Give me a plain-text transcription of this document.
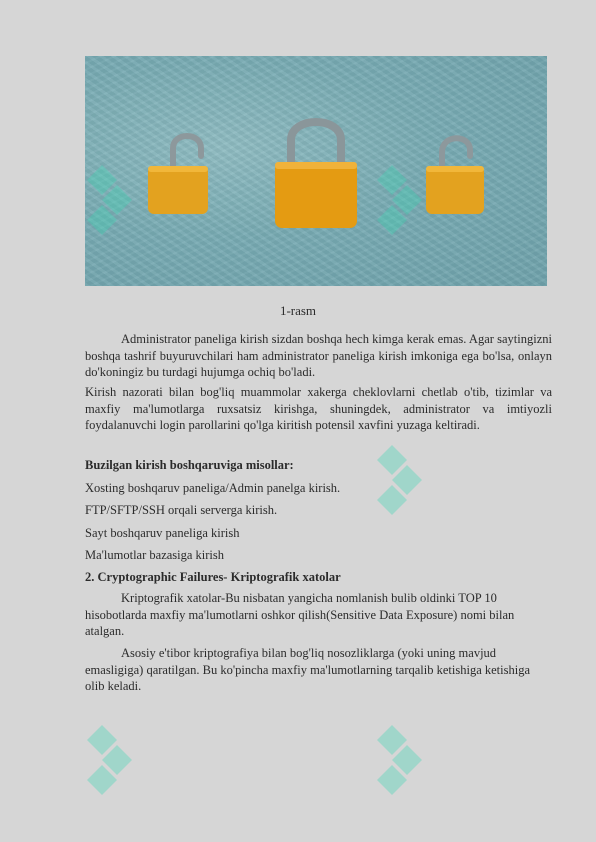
1-rasm

Administrator paneliga kirish sizdan boshqa hech kimga kerak emas. Agar saytingizni boshqa tashrif buyuruvchilari ham administrator paneliga kirish imkoniga ega bo'lsa, onlayn do'koningiz bu turdagi hujumga ochiq bo'ladi.

Kirish nazorati bilan bog'liq muammolar xakerga cheklovlarni chetlab o'tib, tizimlar va maxfiy ma'lumotlarga ruxsatsiz kirishga, shuningdek, administrator va imtiyozli foydalanuvchi login parollarini qo'lga kiritish potensil xavfini yuzaga keltiradi.

Buzilgan kirish boshqaruviga misollar:
Xosting boshqaruv paneliga/Admin panelga kirish.
FTP/SFTP/SSH orqali serverga kirish.
Sayt boshqaruv paneliga kirish
Ma'lumotlar bazasiga kirish
2. Cryptographic Failures- Kriptografik xatolar

Kriptografik xatolar-Bu nisbatan yangicha nomlanish bulib oldinki TOP 10 hisobotlarda maxfiy ma'lumotlarni oshkor qilish(Sensitive Data Exposure) nomi bilan atalgan.

Asosiy e'tibor kriptografiya bilan bog'liq nosozliklarga (yoki uning mavjud emasligiga) qaratilgan. Bu ko'pincha maxfiy ma'lumotlarning tarqalib ketishiga ketishiga olib keladi.
